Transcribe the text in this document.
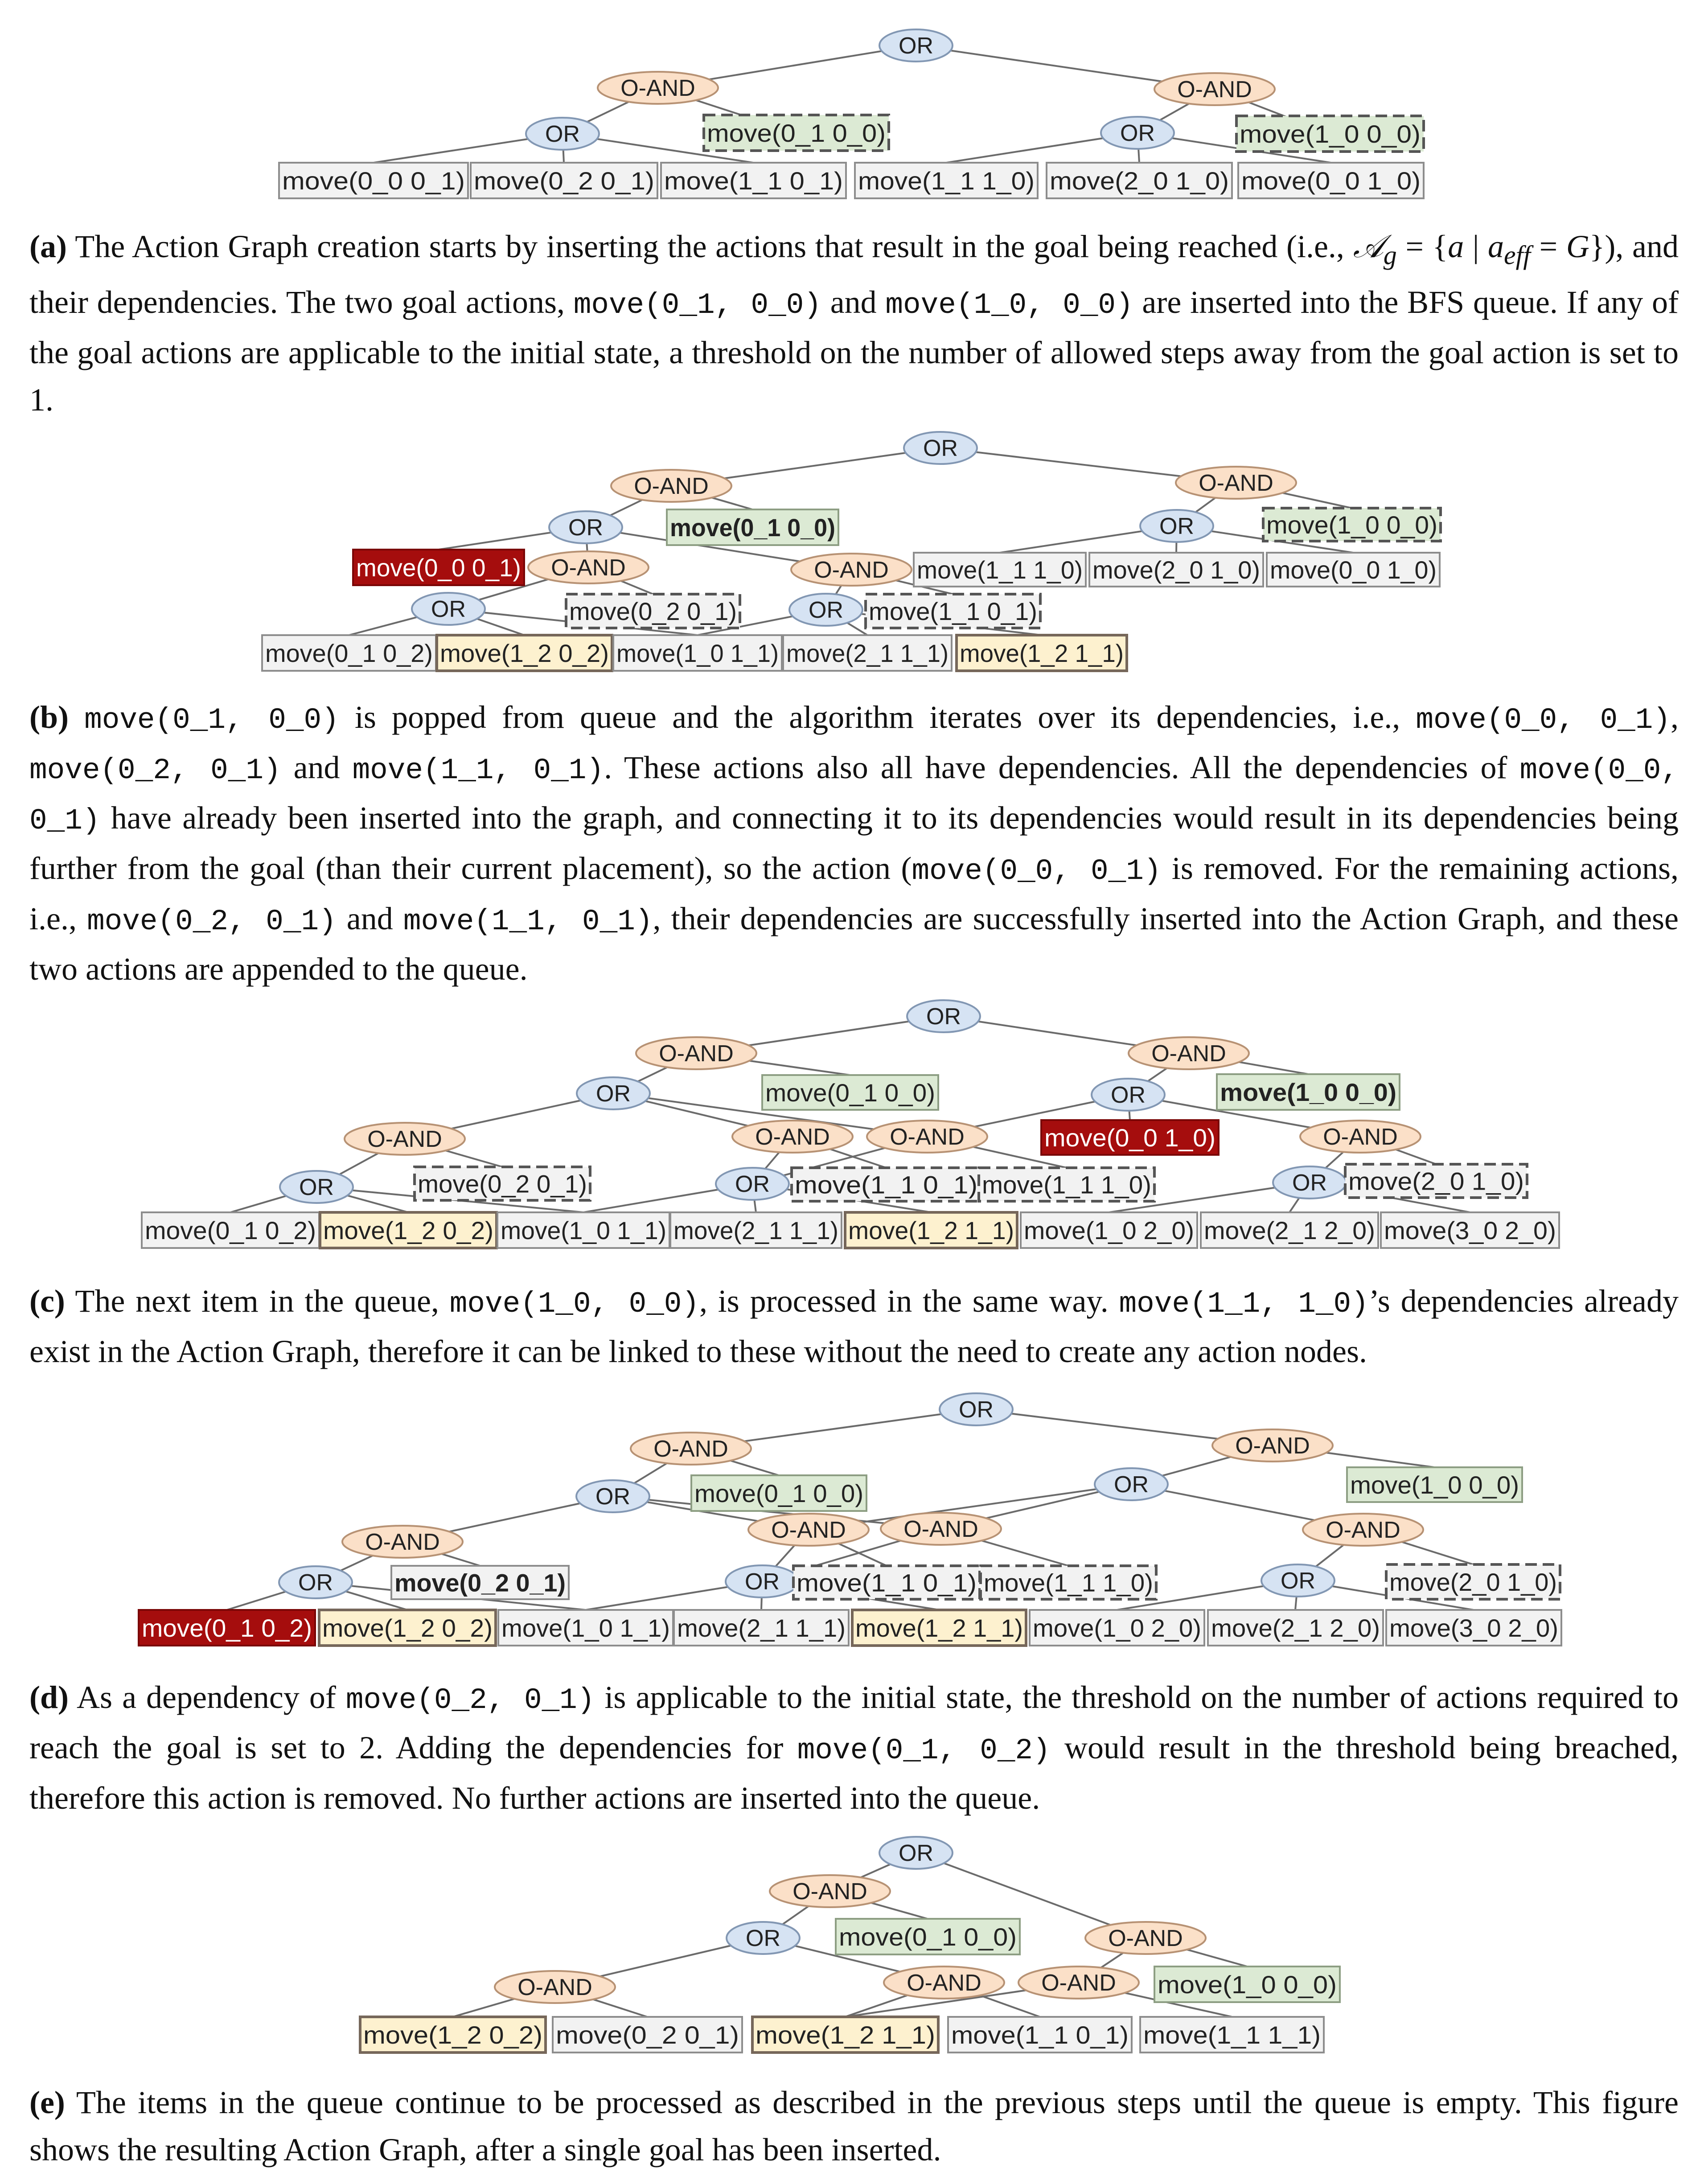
OR
O-AND	O-AND
OR	OR
move(0_1 0_0)	move(1_0 0_0)
move(0_0 0_1) move(0_2 0_1) move(1_1 0_1) move(1_1 1_0) move(2_0 1_0) move(0_0 1_0)
OR
O-AND	O-AND
OR	OR
O-AND	O-AND
OR	OR
move(0_1 0_0)	move(1_0 0_0)
move(0_0 0_1)	move(1_1 1_0) move(2_0 1_0) move(0_0 1_0)
move(0_2 0_1)	move(1_1 0_1)
move(0_1 0_2) move(1_2 0_2) move(1_0 1_1) move(2_1 1_1) move(1_2 1_1)
OR
O-AND	O-AND
OR	OR
O-AND	O-AND	O-AND	O-AND
OR	OR	OR
move(0_1 0_0)	move(1_0 0_0)
move(0_0 1_0)
move(0_2 0_1)	move(1_1 0_1) move(1_1 1_0)	move(2_0 1_0)
move(0_1 0_2) move(1_2 0_2) move(1_0 1_1) move(2_1 1_1) move(1_2 1_1) move(1_0 2_0) move(2_1 2_0) move(3_0 2_0)
OR
O-AND	O-AND
OR	OR
O-AND	O-AND O-AND	O-AND
OR	OR	OR
move(0_1 0_0)	move(1_0 0_0)
move(0_2 0_1)	move(1_1 0_1) move(1_1 1_0)	move(2_0 1_0)
move(0_1 0_2) move(1_2 0_2) move(1_0 1_1) move(2_1 1_1) move(1_2 1_1) move(1_0 2_0) move(2_1 2_0) move(3_0 2_0)
OR
O-AND
OR	O-AND
O-AND	O-AND	O-AND
move(0_1 0_0)
move(1_0 0_0)
move(1_2 0_2) move(0_2 0_1) move(1_2 1_1) move(1_1 0_1) move(1_1 1_1)

(a) The Action Graph creation starts by inserting the actions that result in the goal being reached (i.e., 𝒜$_g$ = {a | $a_{eff} = G$}), and their dependencies. The two goal actions, move(0_1, 0_0) and move(1_0, 0_0) are inserted into the BFS queue. If any of the goal actions are applicable to the initial state, a threshold on the number of allowed steps away from the goal action is set to 1.

(b) move(0_1, 0_0) is popped from queue and the algorithm iterates over its dependencies, i.e., move(0_0, 0_1), move(0_2, 0_1) and move(1_1, 0_1). These actions also all have dependencies. All the dependencies of move(0_0, 0_1) have already been inserted into the graph, and connecting it to its dependencies would result in its dependencies being further from the goal (than their current placement), so the action (move(0_0, 0_1) is removed. For the remaining actions, i.e., move(0_2, 0_1) and move(1_1, 0_1), their dependencies are successfully inserted into the Action Graph, and these two actions are appended to the queue.

(c) The next item in the queue, move(1_0, 0_0), is processed in the same way. move(1_1, 1_0)’s dependencies already exist in the Action Graph, therefore it can be linked to these without the need to create any action nodes.

(d) As a dependency of move(0_2, 0_1) is applicable to the initial state, the threshold on the number of actions required to reach the goal is set to 2. Adding the dependencies for move(0_1, 0_2) would result in the threshold being breached, therefore this action is removed. No further actions are inserted into the queue.

(e) The items in the queue continue to be processed as described in the previous steps until the queue is empty. This figure shows the resulting Action Graph, after a single goal has been inserted.
